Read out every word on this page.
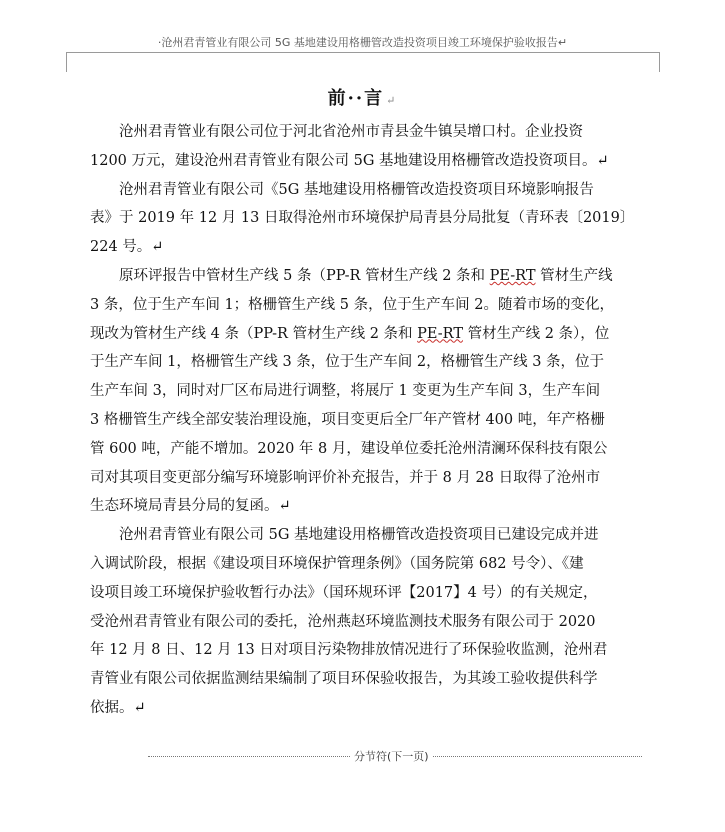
·沧州君青管业有限公司 5G 基地建设用格栅管改造投资项目竣工环境保护验收报告↵
前··言 ↵
沧州君青管业有限公司位于河北省沧州市青县金牛镇吴增口村。企业投资
1200 万元，建设沧州君青管业有限公司 5G 基地建设用格栅管改造投资项目。↵
沧州君青管业有限公司《5G 基地建设用格栅管改造投资项目环境影响报告
表》于 2019 年 12 月 13 日取得沧州市环境保护局青县分局批复（青环表〔2019〕
224 号。↵
原环评报告中管材生产线 5 条（PP-R 管材生产线 2 条和 PE-RT 管材生产线
3 条，位于生产车间 1；格栅管生产线 5 条，位于生产车间 2。随着市场的变化，
现改为管材生产线 4 条（PP-R 管材生产线 2 条和 PE-RT 管材生产线 2 条），位
于生产车间 1，格栅管生产线 3 条，位于生产车间 2，格栅管生产线 3 条，位于
生产车间 3，同时对厂区布局进行调整，将展厅 1 变更为生产车间 3，生产车间
3 格栅管生产线全部安装治理设施，项目变更后全厂年产管材 400 吨，年产格栅
管 600 吨，产能不增加。2020 年 8 月，建设单位委托沧州清澜环保科技有限公
司对其项目变更部分编写环境影响评价补充报告，并于 8 月 28 日取得了沧州市
生态环境局青县分局的复函。↵
沧州君青管业有限公司 5G 基地建设用格栅管改造投资项目已建设完成并进
入调试阶段，根据《建设项目环境保护管理条例》（国务院第 682 号令）、《建
设项目竣工环境保护验收暂行办法》（国环规环评【2017】4 号）的有关规定，
受沧州君青管业有限公司的委托，沧州燕赵环境监测技术服务有限公司于 2020
年 12 月 8 日、12 月 13 日对项目污染物排放情况进行了环保验收监测，沧州君
青管业有限公司依据监测结果编制了项目环保验收报告，为其竣工验收提供科学
依据。↵
分节符(下一页)
